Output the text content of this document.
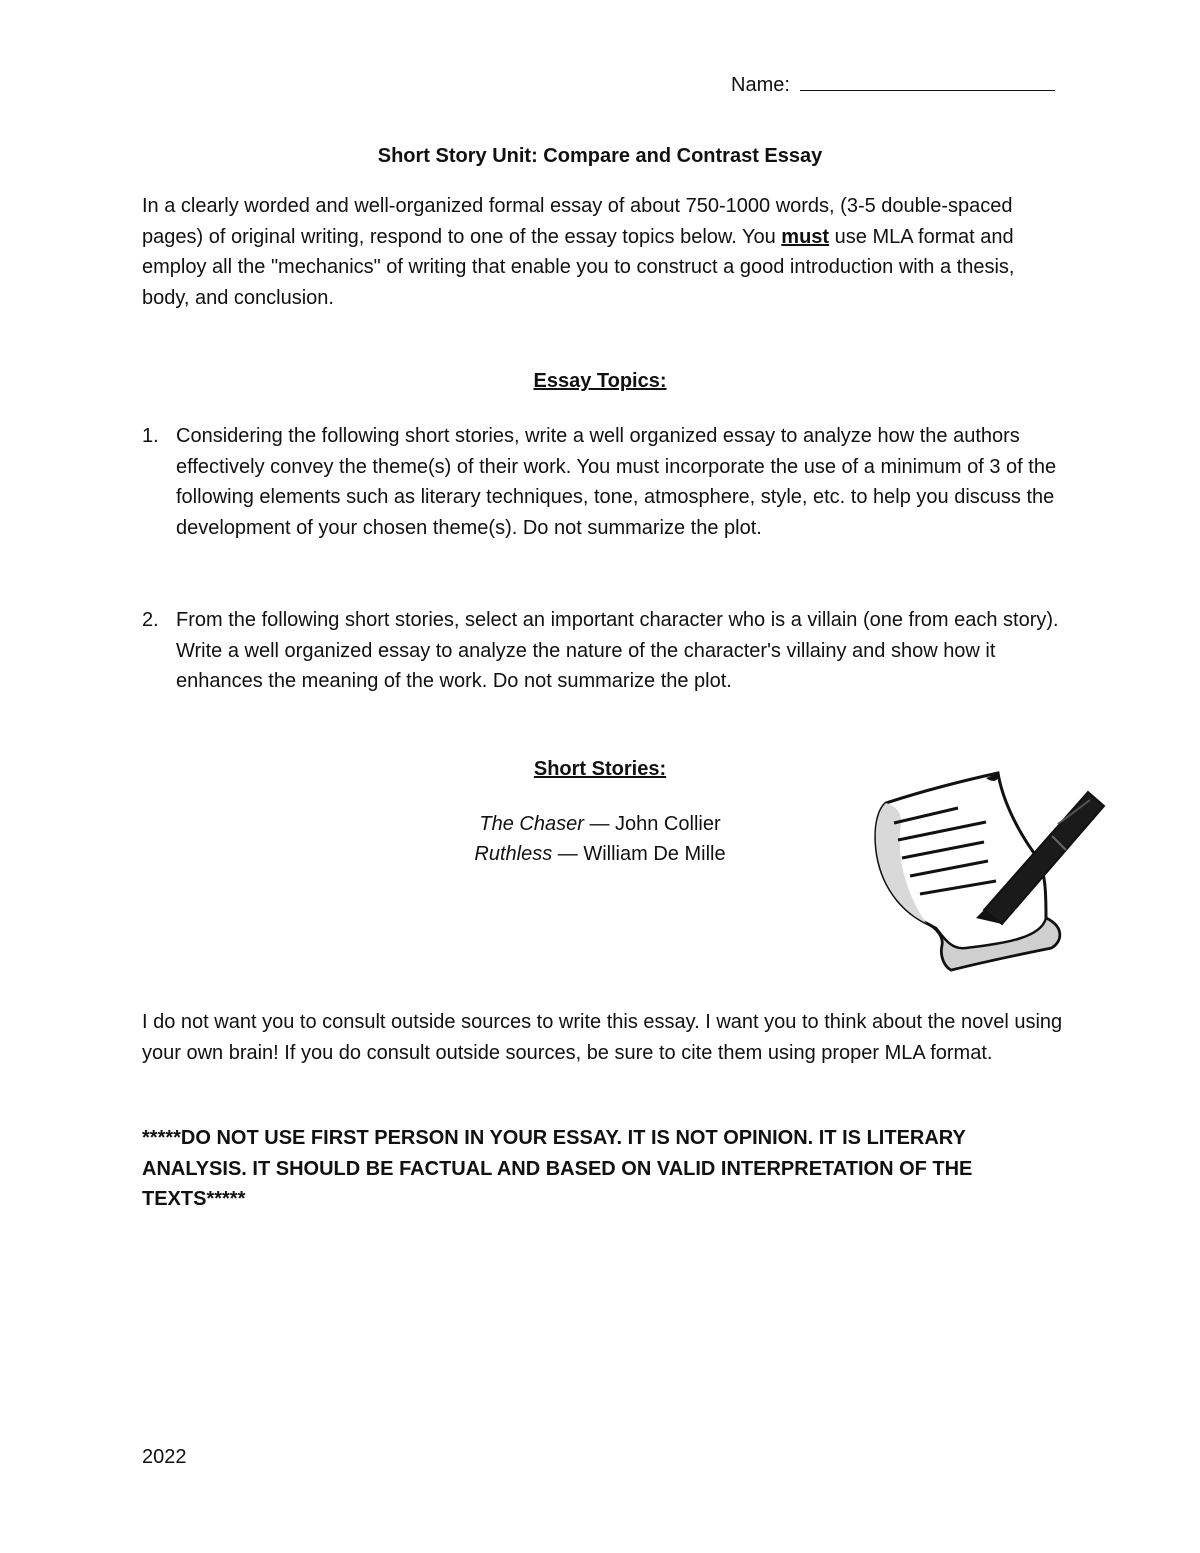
Name:
Short Story Unit: Compare and Contrast Essay
In a clearly worded and well-organized formal essay of about 750-1000 words, (3-5 double-spaced pages) of original writing, respond to one of the essay topics below. You must use MLA format and employ all the "mechanics" of writing that enable you to construct a good introduction with a thesis, body, and conclusion.
Essay Topics:
1. Considering the following short stories, write a well organized essay to analyze how the authors effectively convey the theme(s) of their work. You must incorporate the use of a minimum of 3 of the following elements such as literary techniques, tone, atmosphere, style, etc. to help you discuss the development of your chosen theme(s). Do not summarize the plot.
2. From the following short stories, select an important character who is a villain (one from each story). Write a well organized essay to analyze the nature of the character's villainy and show how it enhances the meaning of the work. Do not summarize the plot.
Short Stories:
The Chaser — John Collier
Ruthless — William De Mille
I do not want you to consult outside sources to write this essay. I want you to think about the novel using your own brain! If you do consult outside sources, be sure to cite them using proper MLA format.
*****DO NOT USE FIRST PERSON IN YOUR ESSAY. IT IS NOT OPINION. IT IS LITERARY ANALYSIS. IT SHOULD BE FACTUAL AND BASED ON VALID INTERPRETATION OF THE TEXTS*****
2022
